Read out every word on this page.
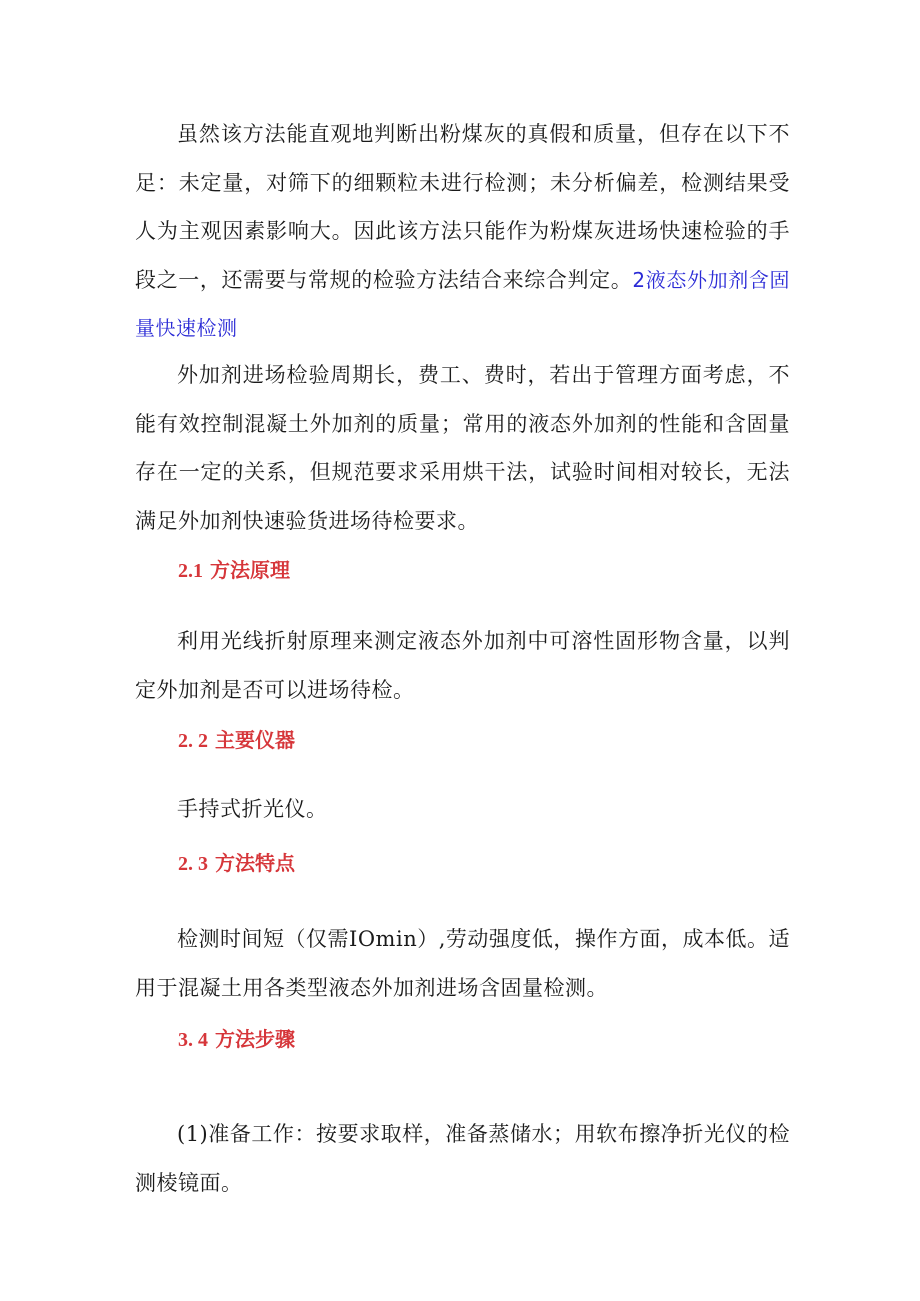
虽然该方法能直观地判断出粉煤灰的真假和质量，但存在以下不足：未定量，对筛下的细颗粒未进行检测；未分析偏差，检测结果受人为主观因素影响大。因此该方法只能作为粉煤灰进场快速检验的手段之一，还需要与常规的检验方法结合来综合判定。2液态外加剂含固量快速检测

外加剂进场检验周期长，费工、费时，若出于管理方面考虑，不能有效控制混凝土外加剂的质量；常用的液态外加剂的性能和含固量存在一定的关系，但规范要求采用烘干法，试验时间相对较长，无法满足外加剂快速验货进场待检要求。

2.1 方法原理

利用光线折射原理来测定液态外加剂中可溶性固形物含量，以判定外加剂是否可以进场待检。

2. 2 主要仪器

手持式折光仪。

2. 3 方法特点

检测时间短（仅需IOmin）,劳动强度低，操作方面，成本低。适用于混凝土用各类型液态外加剂进场含固量检测。

3. 4 方法步骤

(1)准备工作：按要求取样，准备蒸储水；用软布擦净折光仪的检测棱镜面。
